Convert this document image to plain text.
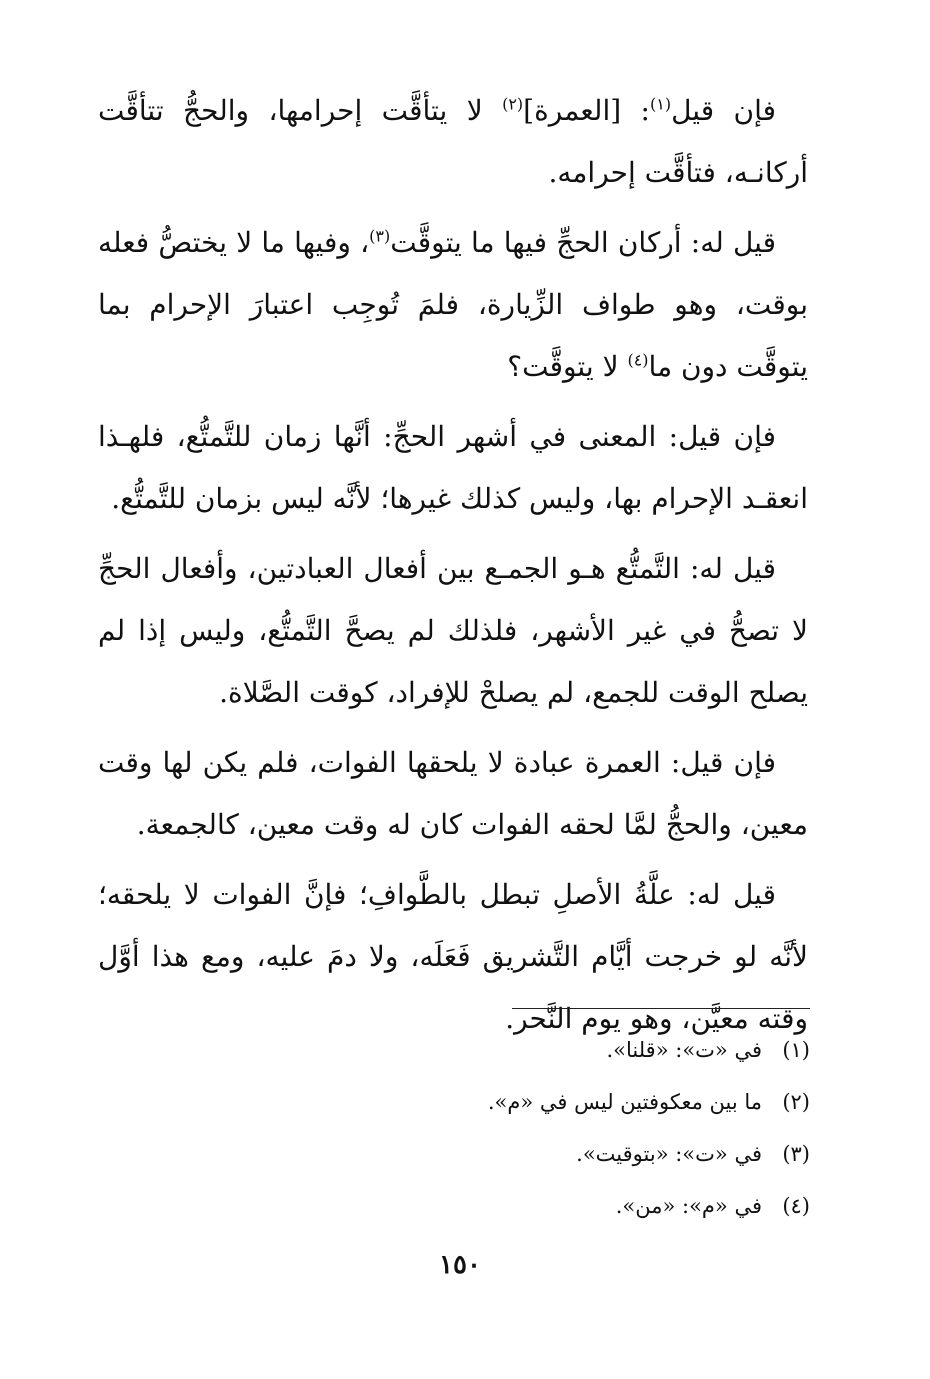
فإن قيل$^{(١)}$: [العمرة]$^{(٢)}$ لا يتأقَّت إحرامها، والحجُّ تتأقَّت أركانـه، فتأقَّت إحرامه.

قيل له: أركان الحجِّ فيها ما يتوقَّت$^{(٣)}$، وفيها ما لا يختصُّ فعله بوقت، وهو طواف الزِّيارة، فلمَ تُوجِب اعتبارَ الإحرام بما يتوقَّت دون ما$^{(٤)}$ لا يتوقَّت؟

فإن قيل: المعنى في أشهر الحجِّ: أنَّها زمان للتَّمتُّع، فلهـذا انعقـد الإحرام بها، وليس كذلك غيرها؛ لأنَّه ليس بزمان للتَّمتُّع.

قيل له: التَّمتُّع هـو الجمـع بين أفعال العبادتين، وأفعال الحجِّ لا تصحُّ في غير الأشهر، فلذلك لم يصحَّ التَّمتُّع، وليس إذا لم يصلح الوقت للجمع، لم يصلحْ للإفراد، كوقت الصَّلاة.

فإن قيل: العمرة عبادة لا يلحقها الفوات، فلم يكن لها وقت معين، والحجُّ لمَّا لحقه الفوات كان له وقت معين، كالجمعة.

قيل له: علَّةُ الأصلِ تبطل بالطَّوافِ؛ فإنَّ الفوات لا يلحقه؛ لأنَّه لو خرجت أيَّام التَّشريق فَعَلَه، ولا دمَ عليه، ومع هذا أوَّل وقته معيَّن، وهو يوم النَّحر.

(١)في «ت»: «قلنا».
(٢)ما بين معكوفتين ليس في «م».
(٣)في «ت»: «بتوقيت».
(٤)في «م»: «من».
١٥٠
